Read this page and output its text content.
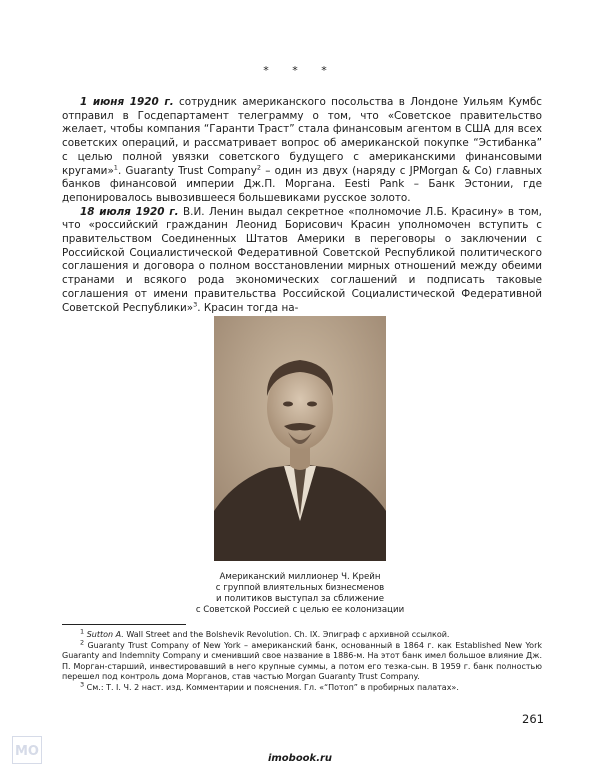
* * *

1 июня 1920 г. сотрудник американского посольства в Лондоне Уильям Кумбс отправил в Госдепартамент телеграмму о том, что «Советское правительство желает, чтобы компания “Гаранти Траст” стала финансовым агентом в США для всех советских операций, и рассматривает вопрос об американской покупке “Эстибанка” с целью полной увязки советского будущего с американскими финансовыми кругами»$^1$. Guaranty Trust Company$^2$ – один из двух (наряду с JPMorgan & Co) главных банков финансовой империи Дж.П. Моргана. Eesti Pank – Банк Эстонии, где депонировалось вывозившееся большевиками русское золото.

18 июля 1920 г. В.И. Ленин выдал секретное «полномочие Л.Б. Красину» в том, что «российский гражданин Леонид Борисович Красин уполномочен вступить с правительством Соединенных Штатов Америки в переговоры о заключении с Российской Социалистической Федеративной Советской Республикой политического соглашения и договора о полном восстановлении мирных отношений между обеими странами и всякого рода экономических соглашений и подписать таковые соглашения от имени правительства Российской Социалистической Федеративной Советской Республики»$^3$. Красин тогда на-

Американский миллионер Ч. Крейн
с группой влиятельных бизнесменов
и политиков выступал за сближение
с Советской Россией с целью ее колонизации

$^1$ Sutton A. Wall Street and the Bolshevik Revolution. Ch. IX. Эпиграф с архивной ссылкой.

$^2$ Guaranty Trust Company of New York – американский банк, основанный в 1864 г. как Established New York Guaranty and Indemnity Company и сменивший свое название в 1886-м. На этот банк имел большое влияние Дж. П. Морган-старший, инвестировавший в него крупные суммы, а потом его тезка-сын. В 1959 г. банк полностью перешел под контроль дома Морганов, став частью Morgan Guaranty Trust Company.

$^3$ См.: Т. I. Ч. 2 наст. изд. Комментарии и пояснения. Гл. «“Потоп” в пробирных палатах».

261
МО	imobook.ru
